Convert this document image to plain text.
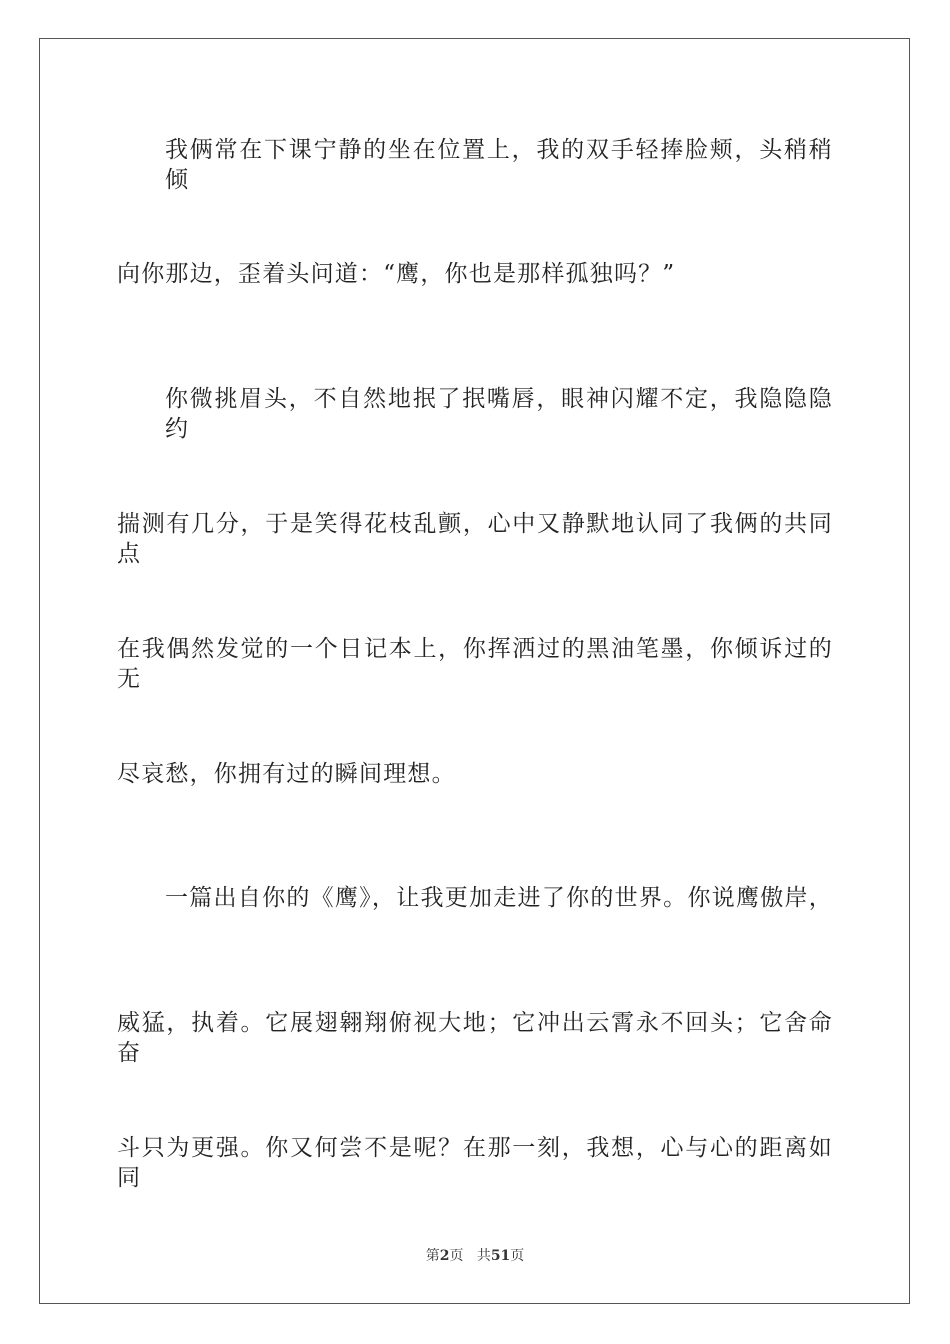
我俩常在下课宁静的坐在位置上，我的双手轻捧脸颊，头稍稍倾
向你那边，歪着头问道：“鹰，你也是那样孤独吗？”
你微挑眉头，不自然地抿了抿嘴唇，眼神闪耀不定，我隐隐隐约
揣测有几分，于是笑得花枝乱颤，心中又静默地认同了我俩的共同点
在我偶然发觉的一个日记本上，你挥洒过的黑油笔墨，你倾诉过的无
尽哀愁，你拥有过的瞬间理想。
一篇出自你的《鹰》，让我更加走进了你的世界。你说鹰傲岸，
威猛，执着。它展翅翱翔俯视大地；它冲出云霄永不回头；它舍命奋
斗只为更强。你又何尝不是呢？在那一刻，我想，心与心的距离如同
第2页 共51页
